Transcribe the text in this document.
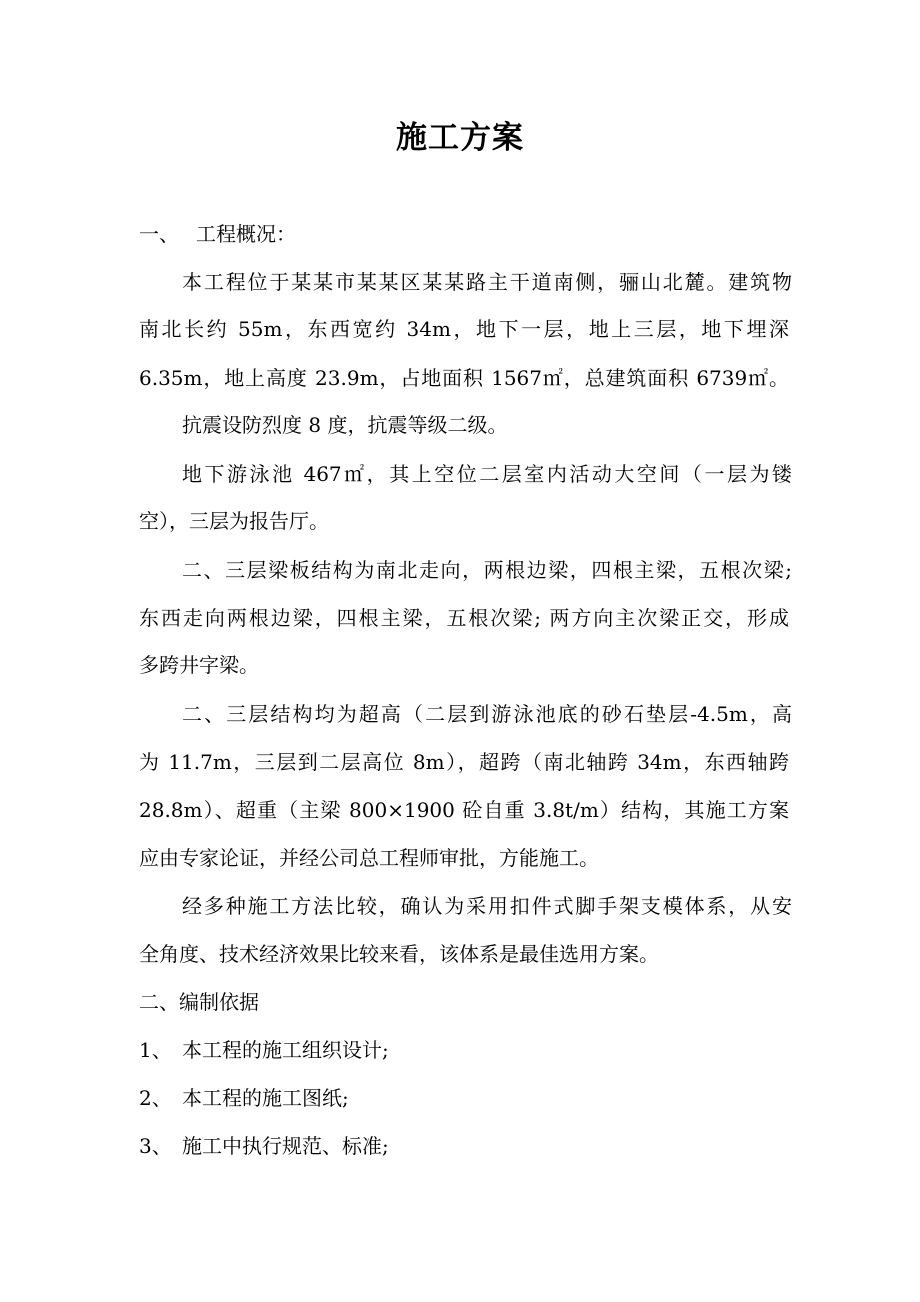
施工方案
一、 工程概况：
本工程位于某某市某某区某某路主干道南侧，骊山北麓。建筑物
南北长约 55m，东西宽约 34m，地下一层，地上三层，地下埋深
6.35m，地上高度 23.9m，占地面积 1567㎡，总建筑面积 6739㎡。
抗震设防烈度 8 度，抗震等级二级。
地下游泳池 467㎡，其上空位二层室内活动大空间（一层为镂
空），三层为报告厅。
二、三层梁板结构为南北走向，两根边梁，四根主梁，五根次梁;
东西走向两根边梁，四根主梁，五根次梁; 两方向主次梁正交，形成
多跨井字梁。
二、三层结构均为超高（二层到游泳池底的砂石垫层-4.5m，高
为 11.7m，三层到二层高位 8m），超跨（南北轴跨 34m，东西轴跨
28.8m）、超重（主梁 800×1900 砼自重 3.8t/m）结构，其施工方案
应由专家论证，并经公司总工程师审批，方能施工。
经多种施工方法比较，确认为采用扣件式脚手架支模体系，从安
全角度、技术经济效果比较来看，该体系是最佳选用方案。
二、编制依据
1、 本工程的施工组织设计;
2、 本工程的施工图纸;
3、 施工中执行规范、标准;
